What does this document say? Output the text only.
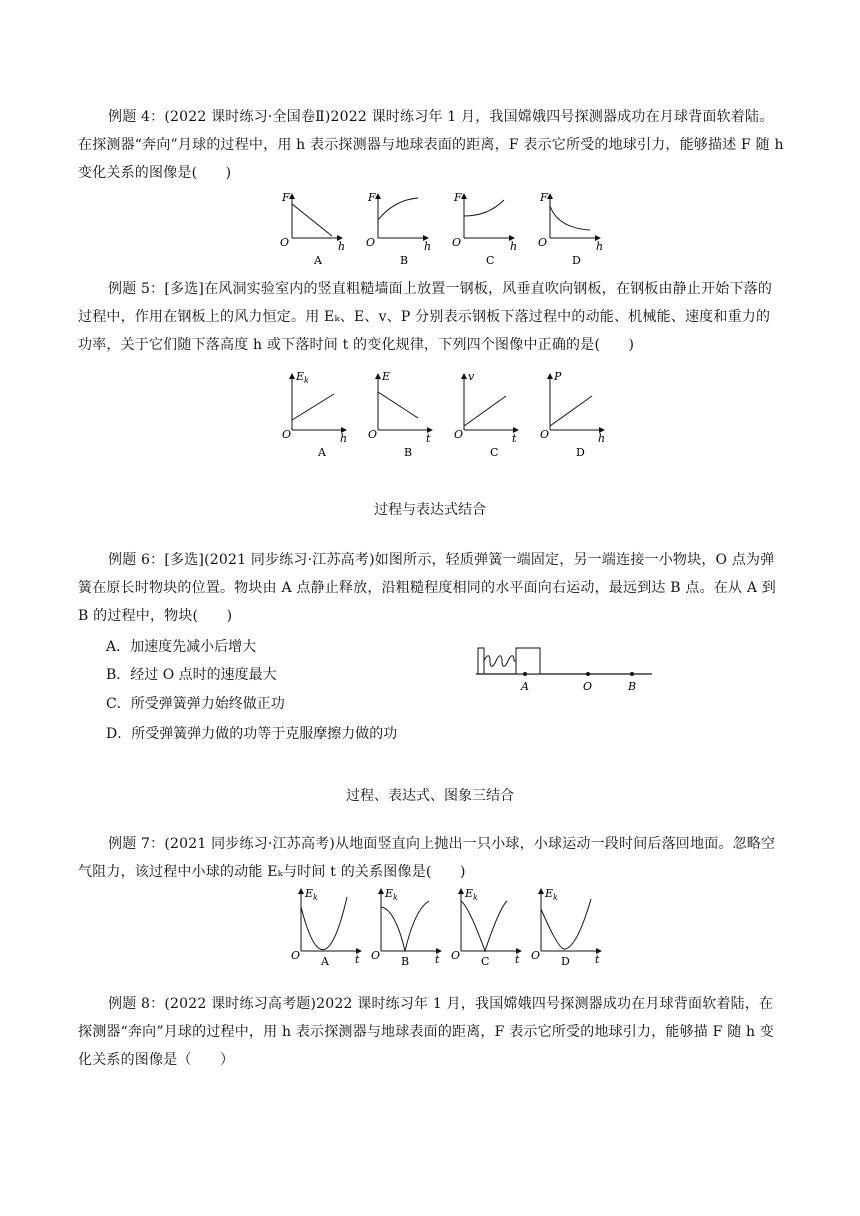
例题 4：(2022 课时练习·全国卷Ⅱ)2022 课时练习年 1 月，我国嫦娥四号探测器成功在月球背面软着陆。在探测器“奔向”月球的过程中，用 h 表示探测器与地球表面的距离，F 表示它所受的地球引力，能够描述 F 随 h 变化关系的图像是(　　)

F
O	h
A
F
O	h
B
F
O	h
C
F
O	h
D

例题 5：[多选]在风洞实验室内的竖直粗糙墙面上放置一钢板，风垂直吹向钢板，在钢板由静止开始下落的过程中，作用在钢板上的风力恒定。用 Eₖ、E、v、P 分别表示钢板下落过程中的动能、机械能、速度和重力的功率，关于它们随下落高度 h 或下落时间 t 的变化规律，下列四个图像中正确的是(　　)

$E_k$
O	h
A
E
O	t
B
v
O	t
C
P
O	h
D
过程与表达式结合

例题 6：[多选](2021 同步练习·江苏高考)如图所示，轻质弹簧一端固定，另一端连接一小物块，O 点为弹簧在原长时物块的位置。物块由 A 点静止释放，沿粗糙程度相同的水平面向右运动，最远到达 B 点。在从 A 到 B 的过程中，物块(　　)

A．加速度先减小后增大
B．经过 O 点时的速度最大
C．所受弹簧弹力始终做正功
D．所受弹簧弹力做的功等于克服摩擦力做的功
A	O	B
过程、表达式、图象三结合

例题 7：(2021 同步练习·江苏高考)从地面竖直向上抛出一只小球，小球运动一段时间后落回地面。忽略空气阻力，该过程中小球的动能 Eₖ与时间 t 的关系图像是(　　)

$E_k$
O	t
A
$E_k$
O	t
B
$E_k$
O	t
C
$E_k$
O	t
D

例题 8：(2022 课时练习高考题)2022 课时练习年 1 月，我国嫦娥四号探测器成功在月球背面软着陆，在探测器“奔向”月球的过程中，用 h 表示探测器与地球表面的距离，F 表示它所受的地球引力，能够描 F 随 h 变化关系的图像是（　　）
